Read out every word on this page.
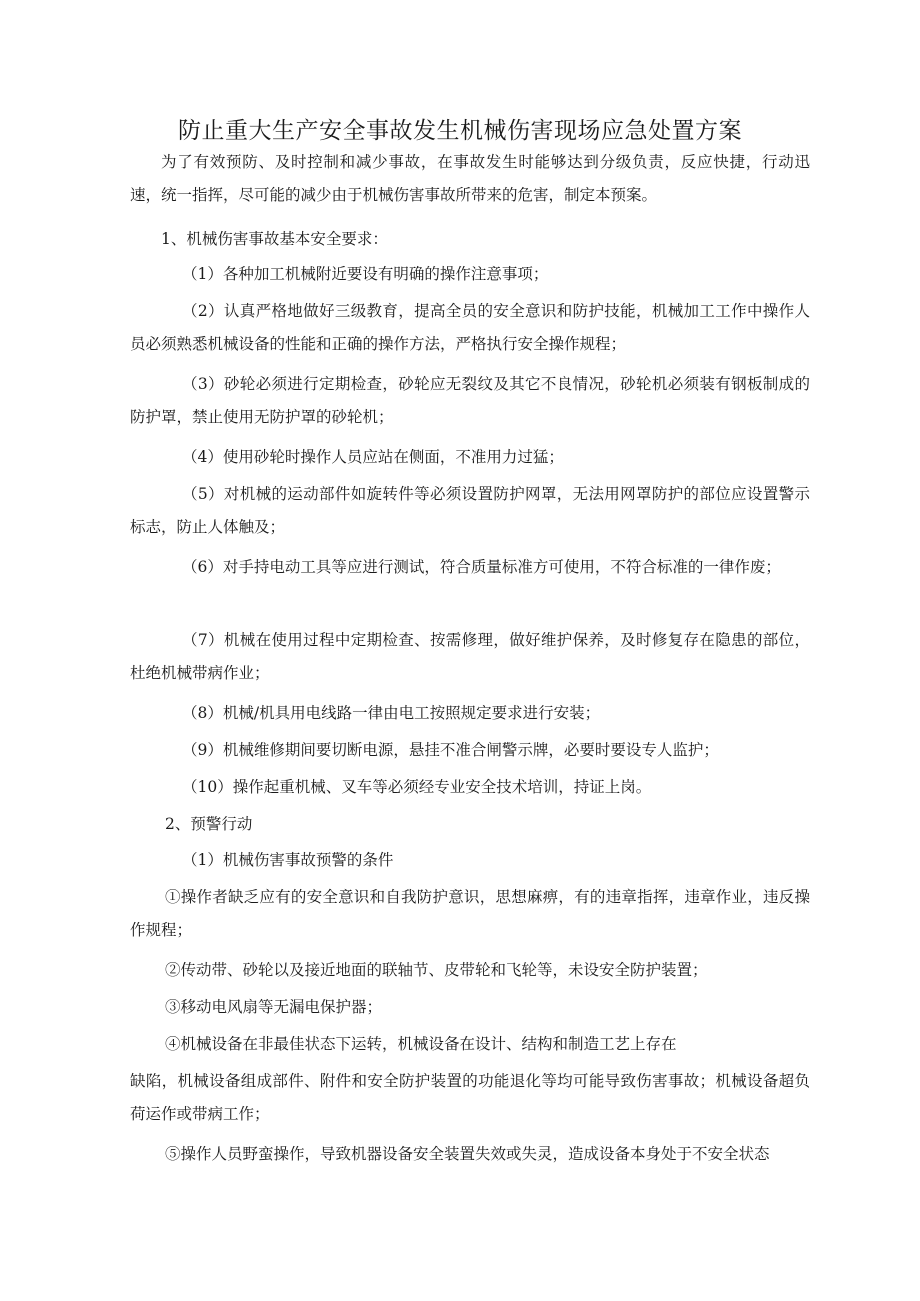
防止重大生产安全事故发生机械伤害现场应急处置方案

为了有效预防、及时控制和减少事故，在事故发生时能够达到分级负责，反应快捷，行动迅速，统一指挥，尽可能的减少由于机械伤害事故所带来的危害，制定本预案。

1、机械伤害事故基本安全要求：

（1）各种加工机械附近要设有明确的操作注意事项；

（2）认真严格地做好三级教育，提高全员的安全意识和防护技能，机械加工工作中操作人员必须熟悉机械设备的性能和正确的操作方法，严格执行安全操作规程；

（3）砂轮必须进行定期检查，砂轮应无裂纹及其它不良情况，砂轮机必须装有钢板制成的防护罩，禁止使用无防护罩的砂轮机；

（4）使用砂轮时操作人员应站在侧面，不准用力过猛；

（5）对机械的运动部件如旋转件等必须设置防护网罩，无法用网罩防护的部位应设置警示标志，防止人体触及；

（6）对手持电动工具等应进行测试，符合质量标准方可使用，不符合标准的一律作废；

（7）机械在使用过程中定期检查、按需修理，做好维护保养，及时修复存在隐患的部位，杜绝机械带病作业；

（8）机械/机具用电线路一律由电工按照规定要求进行安装；

（9）机械维修期间要切断电源，悬挂不准合闸警示牌，必要时要设专人监护；

（10）操作起重机械、叉车等必须经专业安全技术培训，持证上岗。

2、预警行动

（1）机械伤害事故预警的条件

①操作者缺乏应有的安全意识和自我防护意识，思想麻痹，有的违章指挥，违章作业，违反操作规程；

②传动带、砂轮以及接近地面的联轴节、皮带轮和飞轮等，未设安全防护装置；

③移动电风扇等无漏电保护器；

④机械设备在非最佳状态下运转，机械设备在设计、结构和制造工艺上存在

缺陷，机械设备组成部件、附件和安全防护装置的功能退化等均可能导致伤害事故；机械设备超负荷运作或带病工作；

⑤操作人员野蛮操作，导致机器设备安全装置失效或失灵，造成设备本身处于不安全状态
